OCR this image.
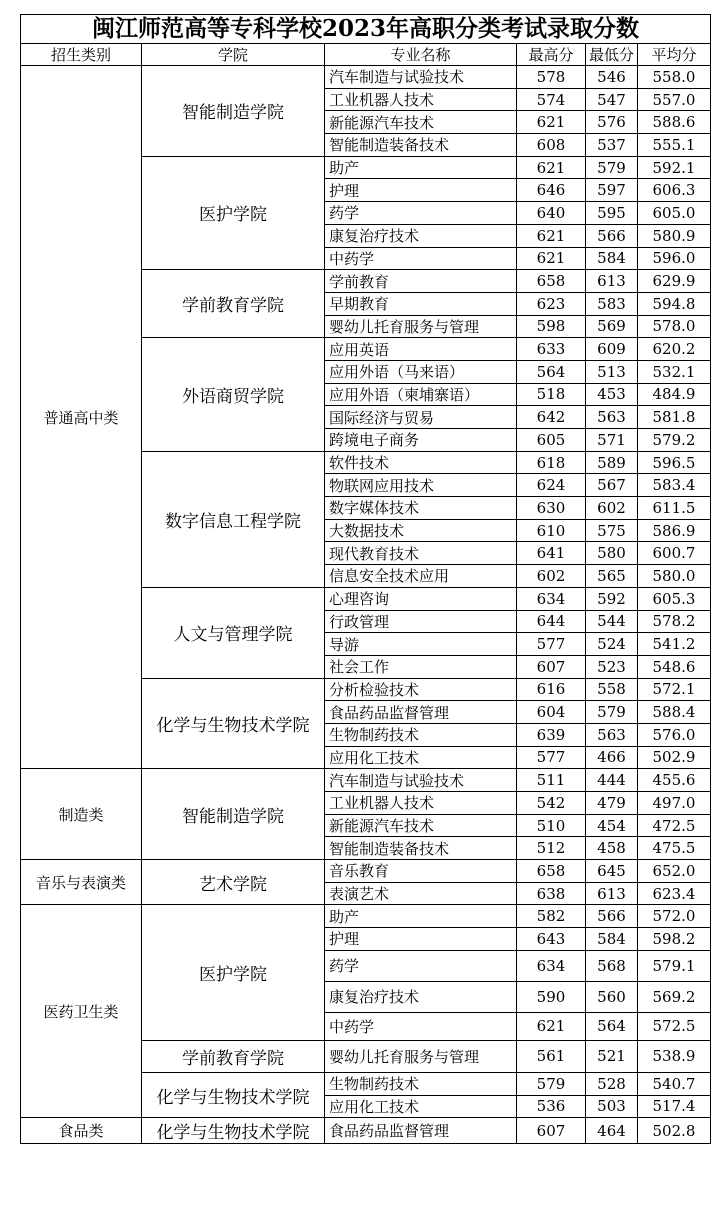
闽江师范高等专科学校2023年高职分类考试录取分数					
招生类别	学院	专业名称	最高分	最低分	平均分
普通高中类	智能制造学院	汽车制造与试验技术	578	546	558.0
		工业机器人技术	574	547	557.0
		新能源汽车技术	621	576	588.6
		智能制造装备技术	608	537	555.1
	医护学院	助产	621	579	592.1
		护理	646	597	606.3
		药学	640	595	605.0
		康复治疗技术	621	566	580.9
		中药学	621	584	596.0
	学前教育学院	学前教育	658	613	629.9
		早期教育	623	583	594.8
		婴幼儿托育服务与管理	598	569	578.0
	外语商贸学院	应用英语	633	609	620.2
		应用外语（马来语）	564	513	532.1
		应用外语（柬埔寨语）	518	453	484.9
		国际经济与贸易	642	563	581.8
		跨境电子商务	605	571	579.2
	数字信息工程学院	软件技术	618	589	596.5
		物联网应用技术	624	567	583.4
		数字媒体技术	630	602	611.5
		大数据技术	610	575	586.9
		现代教育技术	641	580	600.7
		信息安全技术应用	602	565	580.0
	人文与管理学院	心理咨询	634	592	605.3
		行政管理	644	544	578.2
		导游	577	524	541.2
		社会工作	607	523	548.6
	化学与生物技术学院	分析检验技术	616	558	572.1
		食品药品监督管理	604	579	588.4
		生物制药技术	639	563	576.0
		应用化工技术	577	466	502.9
制造类	智能制造学院	汽车制造与试验技术	511	444	455.6
		工业机器人技术	542	479	497.0
		新能源汽车技术	510	454	472.5
		智能制造装备技术	512	458	475.5
音乐与表演类	艺术学院	音乐教育	658	645	652.0
		表演艺术	638	613	623.4
医药卫生类	医护学院	助产	582	566	572.0
		护理	643	584	598.2
		药学	634	568	579.1
		康复治疗技术	590	560	569.2
		中药学	621	564	572.5
	学前教育学院	婴幼儿托育服务与管理	561	521	538.9
	化学与生物技术学院	生物制药技术	579	528	540.7
		应用化工技术	536	503	517.4
食品类	化学与生物技术学院	食品药品监督管理	607	464	502.8
